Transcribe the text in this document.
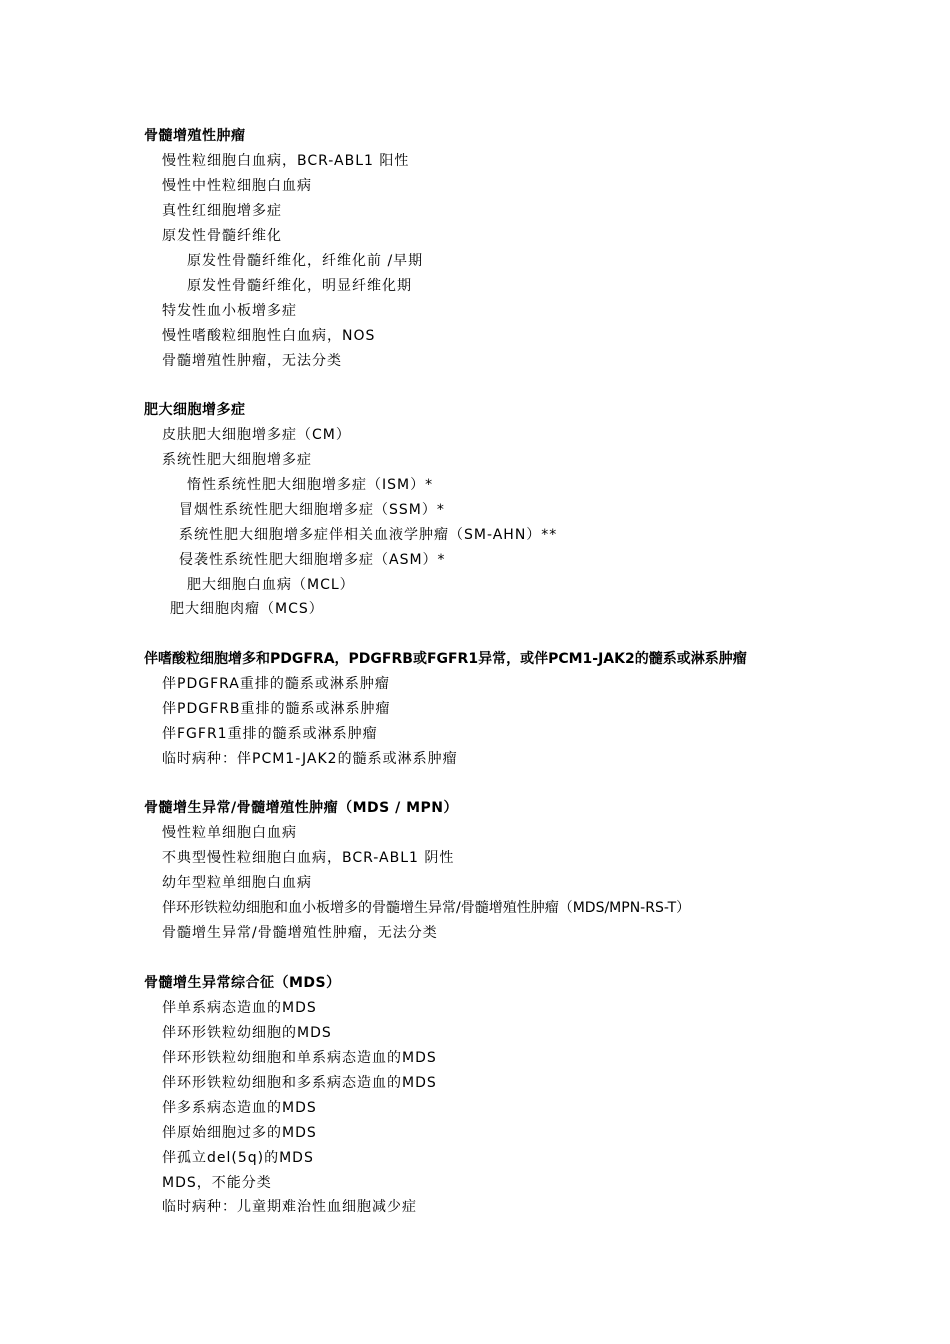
骨髓增殖性肿瘤
慢性粒细胞白血病，BCR-ABL1 阳性
慢性中性粒细胞白血病
真性红细胞增多症
原发性骨髓纤维化
原发性骨髓纤维化，纤维化前 /早期
原发性骨髓纤维化，明显纤维化期
特发性血小板增多症
慢性嗜酸粒细胞性白血病，NOS
骨髓增殖性肿瘤，无法分类
肥大细胞增多症
皮肤肥大细胞增多症（CM）
系统性肥大细胞增多症
惰性系统性肥大细胞增多症（ISM）*
冒烟性系统性肥大细胞增多症（SSM）*
系统性肥大细胞增多症伴相关血液学肿瘤（SM-AHN）**
侵袭性系统性肥大细胞增多症（ASM）*
肥大细胞白血病（MCL）
肥大细胞肉瘤（MCS）
伴嗜酸粒细胞增多和PDGFRA，PDGFRB或FGFR1异常，或伴PCM1-JAK2的髓系或淋系肿瘤
伴PDGFRA重排的髓系或淋系肿瘤
伴PDGFRB重排的髓系或淋系肿瘤
伴FGFR1重排的髓系或淋系肿瘤
临时病种：伴PCM1-JAK2的髓系或淋系肿瘤
骨髓增生异常/骨髓增殖性肿瘤（MDS / MPN）
慢性粒单细胞白血病
不典型慢性粒细胞白血病，BCR-ABL1 阴性
幼年型粒单细胞白血病
伴环形铁粒幼细胞和血小板增多的骨髓增生异常/骨髓增殖性肿瘤（MDS/MPN-RS-T）
骨髓增生异常/骨髓增殖性肿瘤，无法分类
骨髓增生异常综合征（MDS）
伴单系病态造血的MDS
伴环形铁粒幼细胞的MDS
伴环形铁粒幼细胞和单系病态造血的MDS
伴环形铁粒幼细胞和多系病态造血的MDS
伴多系病态造血的MDS
伴原始细胞过多的MDS
伴孤立del(5q)的MDS
MDS，不能分类
临时病种：儿童期难治性血细胞减少症
